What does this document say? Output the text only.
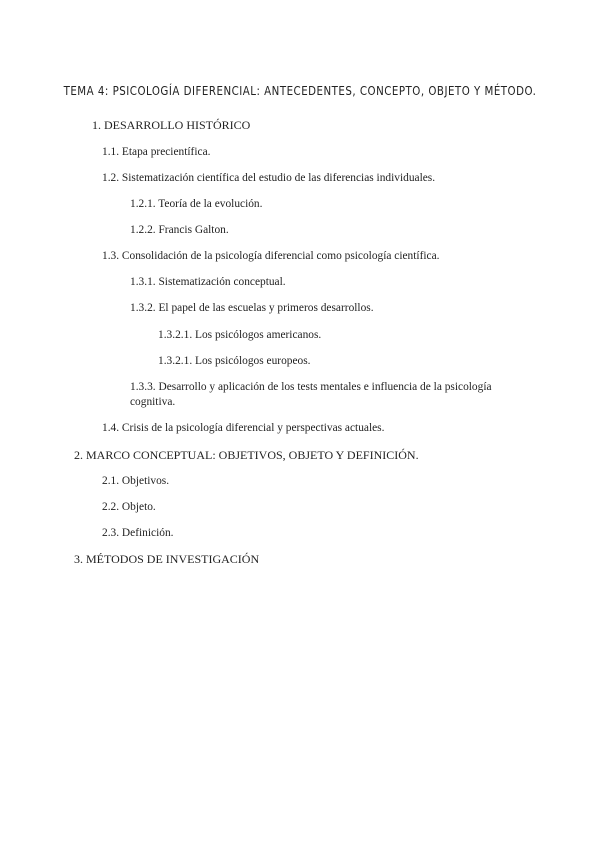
TEMA 4: PSICOLOGÍA DIFERENCIAL: ANTECEDENTES, CONCEPTO, OBJETO Y MÉTODO.
1. DESARROLLO HISTÓRICO
1.1. Etapa precientífica.
1.2. Sistematización científica del estudio de las diferencias individuales.
1.2.1. Teoría de la evolución.
1.2.2. Francis Galton.
1.3. Consolidación de la psicología diferencial como psicología científica.
1.3.1. Sistematización conceptual.
1.3.2. El papel de las escuelas y primeros desarrollos.
1.3.2.1. Los psicólogos americanos.
1.3.2.1. Los psicólogos europeos.
1.3.3. Desarrollo y aplicación de los tests mentales e influencia de la psicología cognitiva.
1.4. Crisis de la psicología diferencial y perspectivas actuales.
2. MARCO CONCEPTUAL: OBJETIVOS, OBJETO Y DEFINICIÓN.
2.1. Objetivos.
2.2. Objeto.
2.3. Definición.
3. MÉTODOS DE INVESTIGACIÓN
